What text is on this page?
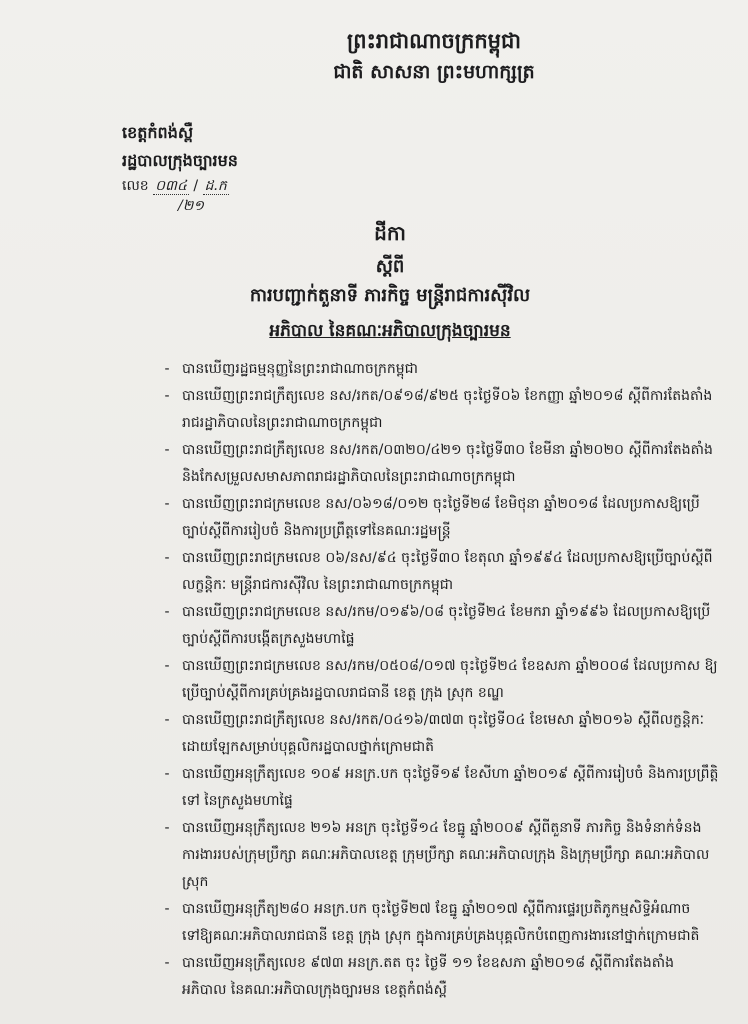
ព្រះរាជាណាចក្រកម្ពុជា
ជាតិ សាសនា ព្រះមហាក្សត្រ
ខេត្តកំពង់ស្ពឺ
រដ្ឋបាលក្រុងច្បារមន
លេខ ០៣៤ / ដ.ក
/២១
ដីកា
ស្ដីពី
ការបញ្ជាក់តួនាទី ភារកិច្ច មន្ត្រីរាជការស៊ីវិល
អភិបាល នៃគណៈអភិបាលក្រុងច្បារមន
- បានឃើញរដ្ឋធម្មនុញ្ញនៃព្រះរាជាណាចក្រកម្ពុជា
- បានឃើញព្រះរាជក្រឹត្យលេខ នស/រកត/០៩១៨/៩២៥ ចុះថ្ងៃទី០៦ ខែកញ្ញា ឆ្នាំ២០១៨ ស្ដីពីការតែងតាំងរាជរដ្ឋាភិបាលនៃព្រះរាជាណាចក្រកម្ពុជា
- បានឃើញព្រះរាជក្រឹត្យលេខ នស/រកត/០៣២០/៤២១ ចុះថ្ងៃទី៣០ ខែមីនា ឆ្នាំ២០២០ ស្ដីពីការតែងតាំង និងកែសម្រួលសមាសភាពរាជរដ្ឋាភិបាលនៃព្រះរាជាណាចក្រកម្ពុជា
- បានឃើញព្រះរាជក្រមលេខ នស/០៦១៨/០១២ ចុះថ្ងៃទី២៨ ខែមិថុនា ឆ្នាំ២០១៨ ដែលប្រកាសឱ្យប្រើច្បាប់ស្ដីពីការរៀបចំ និងការប្រព្រឹត្តទៅនៃគណៈរដ្ឋមន្ត្រី
- បានឃើញព្រះរាជក្រមលេខ ០៦/នស/៩៤ ចុះថ្ងៃទី៣០ ខែតុលា ឆ្នាំ១៩៩៤ ដែលប្រកាសឱ្យប្រើច្បាប់ស្ដីពីលក្ខន្តិកៈ មន្ត្រីរាជការស៊ីវិល នៃព្រះរាជាណាចក្រកម្ពុជា
- បានឃើញព្រះរាជក្រមលេខ នស/រកម/០១៩៦/០៨ ចុះថ្ងៃទី២៤ ខែមករា ឆ្នាំ១៩៩៦ ដែលប្រកាសឱ្យប្រើច្បាប់ស្ដីពីការបង្កើតក្រសួងមហាផ្ទៃ
- បានឃើញព្រះរាជក្រមលេខ នស/រកម/០៥០៨/០១៧ ចុះថ្ងៃទី២៤ ខែឧសភា ឆ្នាំ២០០៨ ដែលប្រកាស ឱ្យប្រើច្បាប់ស្ដីពីការគ្រប់គ្រងរដ្ឋបាលរាជធានី ខេត្ត ក្រុង ស្រុក ខណ្ឌ
- បានឃើញព្រះរាជក្រឹត្យលេខ នស/រកត/០៤១៦/៣៧៣ ចុះថ្ងៃទី០៤ ខែមេសា ឆ្នាំ២០១៦ ស្ដីពីលក្ខន្តិកៈដោយឡែកសម្រាប់បុគ្គលិករដ្ឋបាលថ្នាក់ក្រោមជាតិ
- បានឃើញអនុក្រឹត្យលេខ ១០៩ អនក្រ.បក ចុះថ្ងៃទី១៩ ខែសីហា ឆ្នាំ២០១៩ ស្ដីពីការរៀបចំ និងការប្រព្រឹត្តិទៅ នៃក្រសួងមហាផ្ទៃ
- បានឃើញអនុក្រឹត្យលេខ ២១៦ អនក្រ ចុះថ្ងៃទី១៤ ខែធ្នូ ឆ្នាំ២០០៩ ស្ដីពីតួនាទី ភារកិច្ច និងទំនាក់ទំនងការងាររបស់ក្រុមប្រឹក្សា គណៈអភិបាលខេត្ត ក្រុមប្រឹក្សា គណៈអភិបាលក្រុង និងក្រុមប្រឹក្សា គណៈអភិបាលស្រុក
- បានឃើញអនុក្រឹត្យ២៨០ អនក្រ.បក ចុះថ្ងៃទី២៧ ខែធ្នូ ឆ្នាំ២០១៧ ស្ដីពីការផ្ទេរប្រតិភូកម្មសិទ្ធិអំណាចទៅឱ្យគណៈអភិបាលរាជធានី ខេត្ត ក្រុង ស្រុក ក្នុងការគ្រប់គ្រងបុគ្គលិកបំពេញការងារនៅថ្នាក់ក្រោមជាតិ
- បានឃើញអនុក្រឹត្យលេខ ៩៧៣ អនក្រ.តត ចុះ ថ្ងៃទី ១១ ខែឧសភា ឆ្នាំ២០១៨ ស្ដីពីការតែងតាំង អភិបាល នៃគណៈអភិបាលក្រុងច្បារមន ខេត្តកំពង់ស្ពឺ
